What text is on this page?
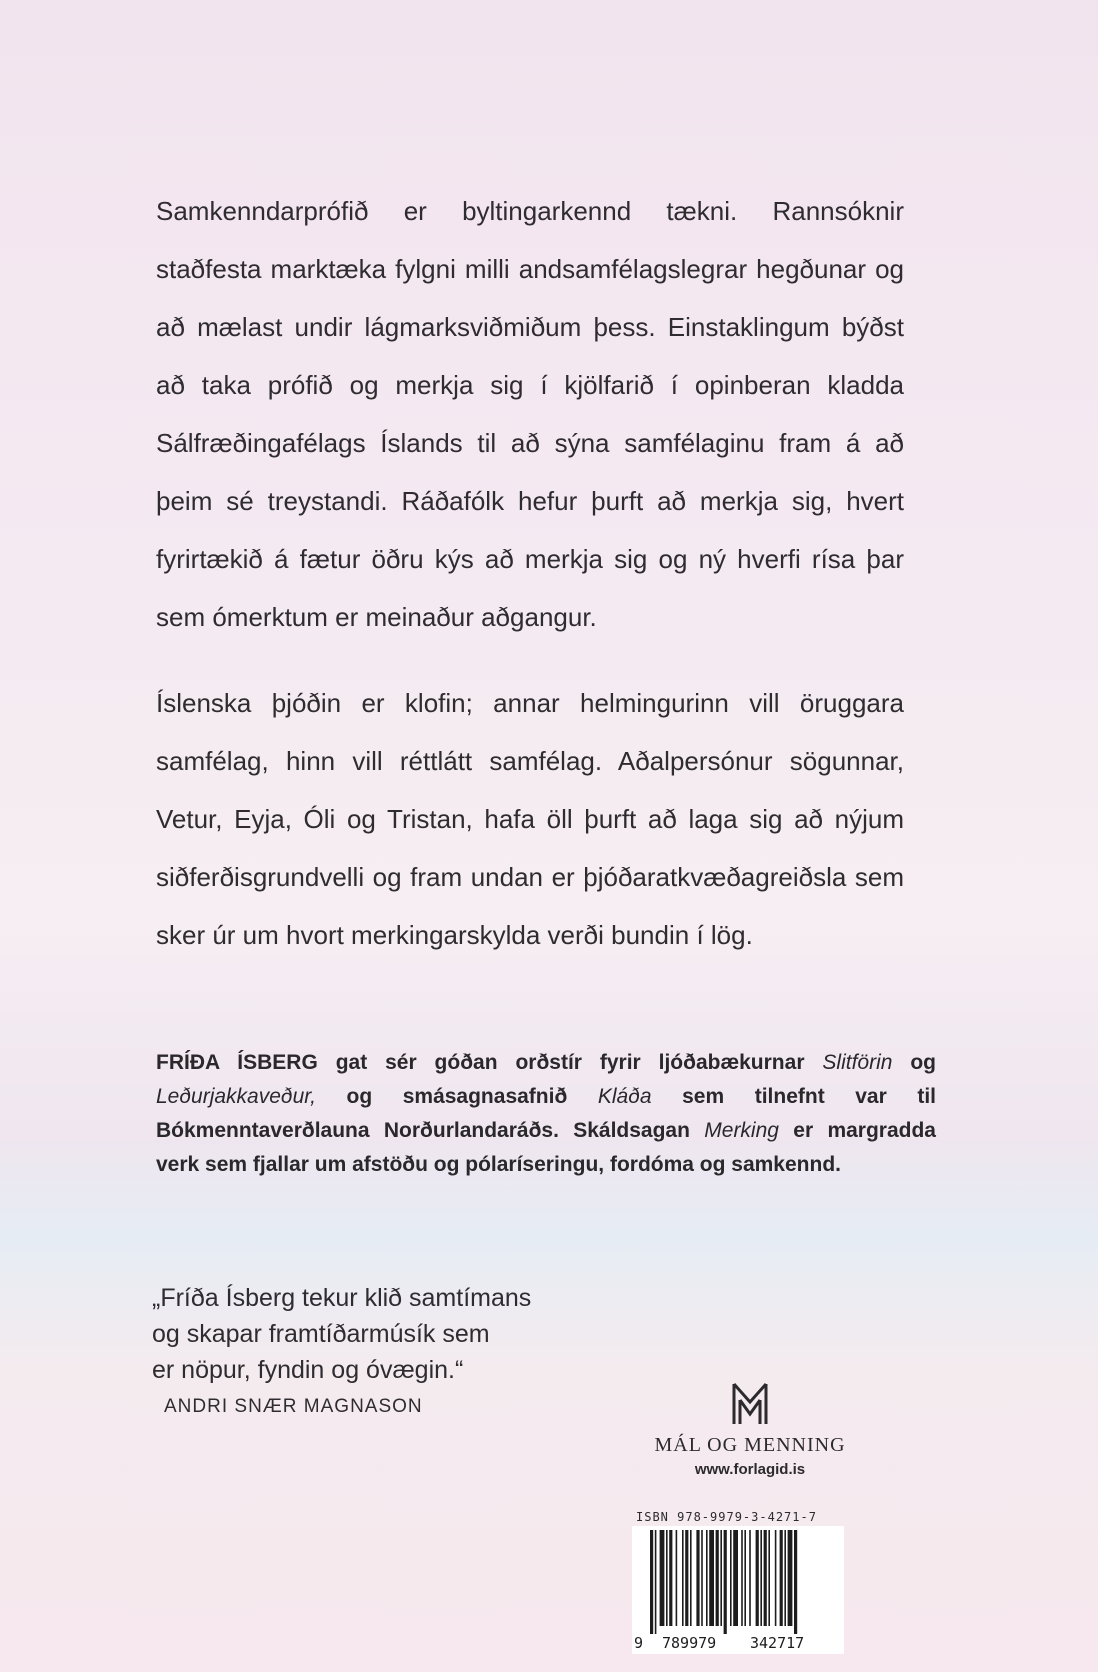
Samkenndarprófið er byltingarkennd tækni. Rannsóknir staðfesta marktæka fylgni milli andsamfélagslegrar hegðunar og að mælast undir lágmarksviðmiðum þess. Einstaklingum býðst að taka prófið og merkja sig í kjölfarið í opinberan kladda Sálfræðingafélags Íslands til að sýna samfélaginu fram á að þeim sé treystandi. Ráðafólk hefur þurft að merkja sig, hvert fyrirtækið á fætur öðru kýs að merkja sig og ný hverfi rísa þar sem ómerktum er meinaður aðgangur.

Íslenska þjóðin er klofin; annar helmingurinn vill öruggara samfélag, hinn vill réttlátt samfélag. Aðalpersónur sögunnar, Vetur, Eyja, Óli og Tristan, hafa öll þurft að laga sig að nýjum siðferðisgrundvelli og fram undan er þjóðaratkvæðagreiðsla sem sker úr um hvort merkingarskylda verði bundin í lög.

FRÍÐA ÍSBERG gat sér góðan orðstír fyrir ljóðabækurnar Slitförin og Leðurjakkaveður, og smásagnasafnið Kláða sem tilnefnt var til Bókmenntaverðlauna Norðurlandaráðs. Skáldsagan Merking er margradda verk sem fjallar um afstöðu og pólaríseringu, fordóma og samkennd.

„Fríða Ísberg tekur klið samtímans
og skapar framtíðarmúsík sem
er nöpur, fyndin og óvægin.“
ANDRI SNÆR MAGNASON
MÁL OG MENNING
www.forlagid.is
ISBN 978-9979-3-4271-7
9 789979 342717
